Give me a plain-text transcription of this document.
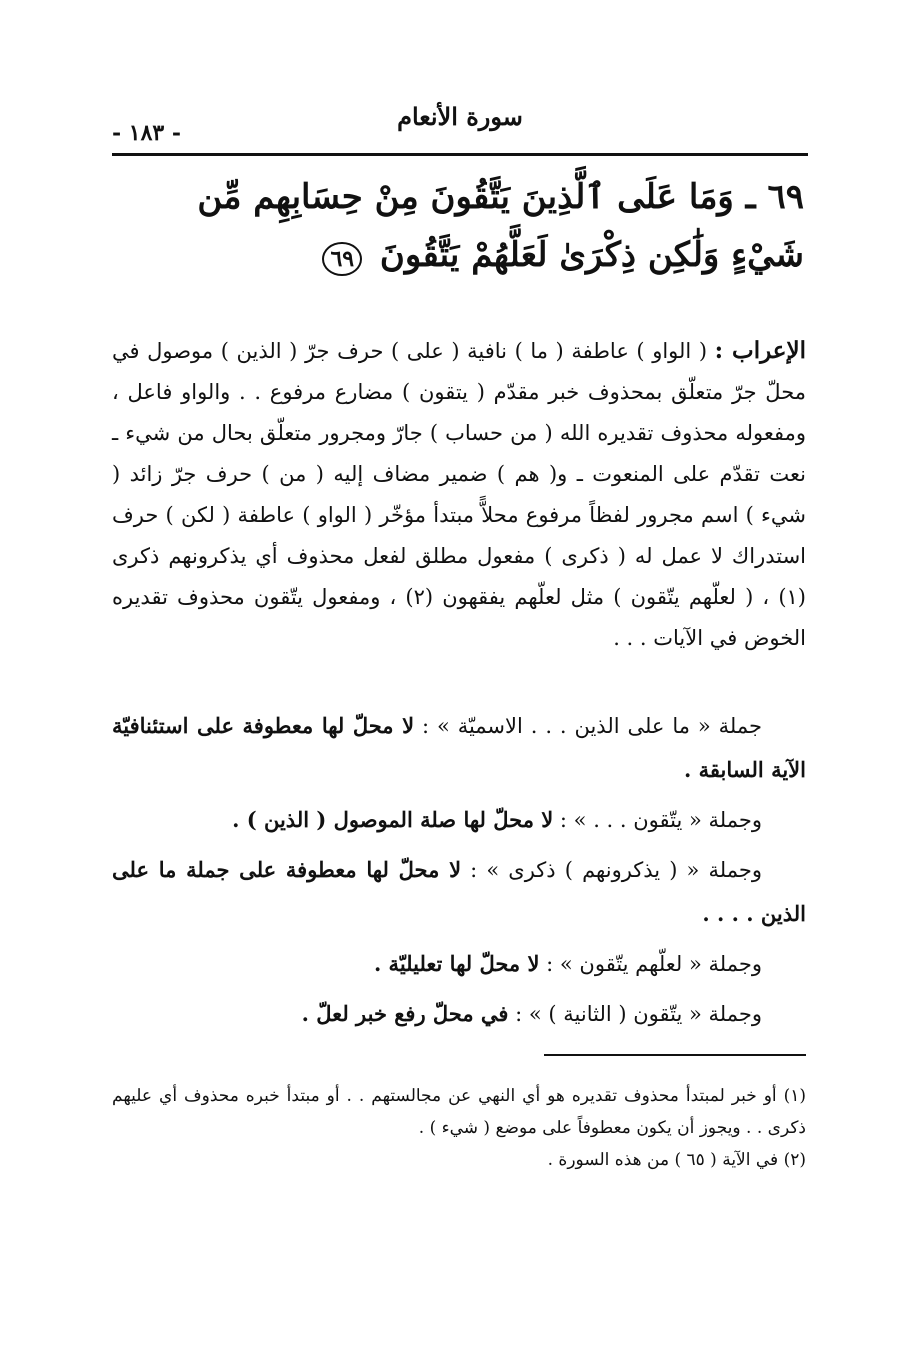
سورة الأنعام
- ١٨٣ -
٦٩ ـ وَمَا عَلَى ٱلَّذِينَ يَتَّقُونَ مِنْ حِسَابِهِم مِّن شَيْءٍ وَلَٰكِن ذِكْرَىٰ لَعَلَّهُمْ يَتَّقُونَ ٦٩

الإعراب : ( الواو ) عاطفة ( ما ) نافية ( على ) حرف جرّ ( الذين ) موصول في محلّ جرّ متعلّق بمحذوف خبر مقدّم ( يتقون ) مضارع مرفوع . . والواو فاعل ، ومفعوله محذوف تقديره الله ( من حساب ) جارّ ومجرور متعلّق بحال من شيء ـ نعت تقدّم على المنعوت ـ و( هم ) ضمير مضاف إليه ( من ) حرف جرّ زائد ( شيء ) اسم مجرور لفظاً مرفوع محلاًّ مبتدأ مؤخّر ( الواو ) عاطفة ( لكن ) حرف استدراك لا عمل له ( ذكرى ) مفعول مطلق لفعل محذوف أي يذكرونهم ذكرى (١) ، ( لعلّهم يتّقون ) مثل لعلّهم يفقهون (٢) ، ومفعول يتّقون محذوف تقديره الخوض في الآيات . . .

جملة « ما على الذين . . . الاسميّة » : لا محلّ لها معطوفة على استئنافيّة الآية السابقة .

وجملة « يتّقون . . . » : لا محلّ لها صلة الموصول ( الذين ) .

وجملة « ( يذكرونهم ) ذكرى » : لا محلّ لها معطوفة على جملة ما على الذين . . . .

وجملة « لعلّهم يتّقون » : لا محلّ لها تعليليّة .

وجملة « يتّقون ( الثانية ) » : في محلّ رفع خبر لعلّ .

(١) أو خبر لمبتدأ محذوف تقديره هو أي النهي عن مجالستهم . . أو مبتدأ خبره محذوف أي عليهم ذكرى . . ويجوز أن يكون معطوفاً على موضع ( شيء ) .

(٢) في الآية ( ٦٥ ) من هذه السورة .
